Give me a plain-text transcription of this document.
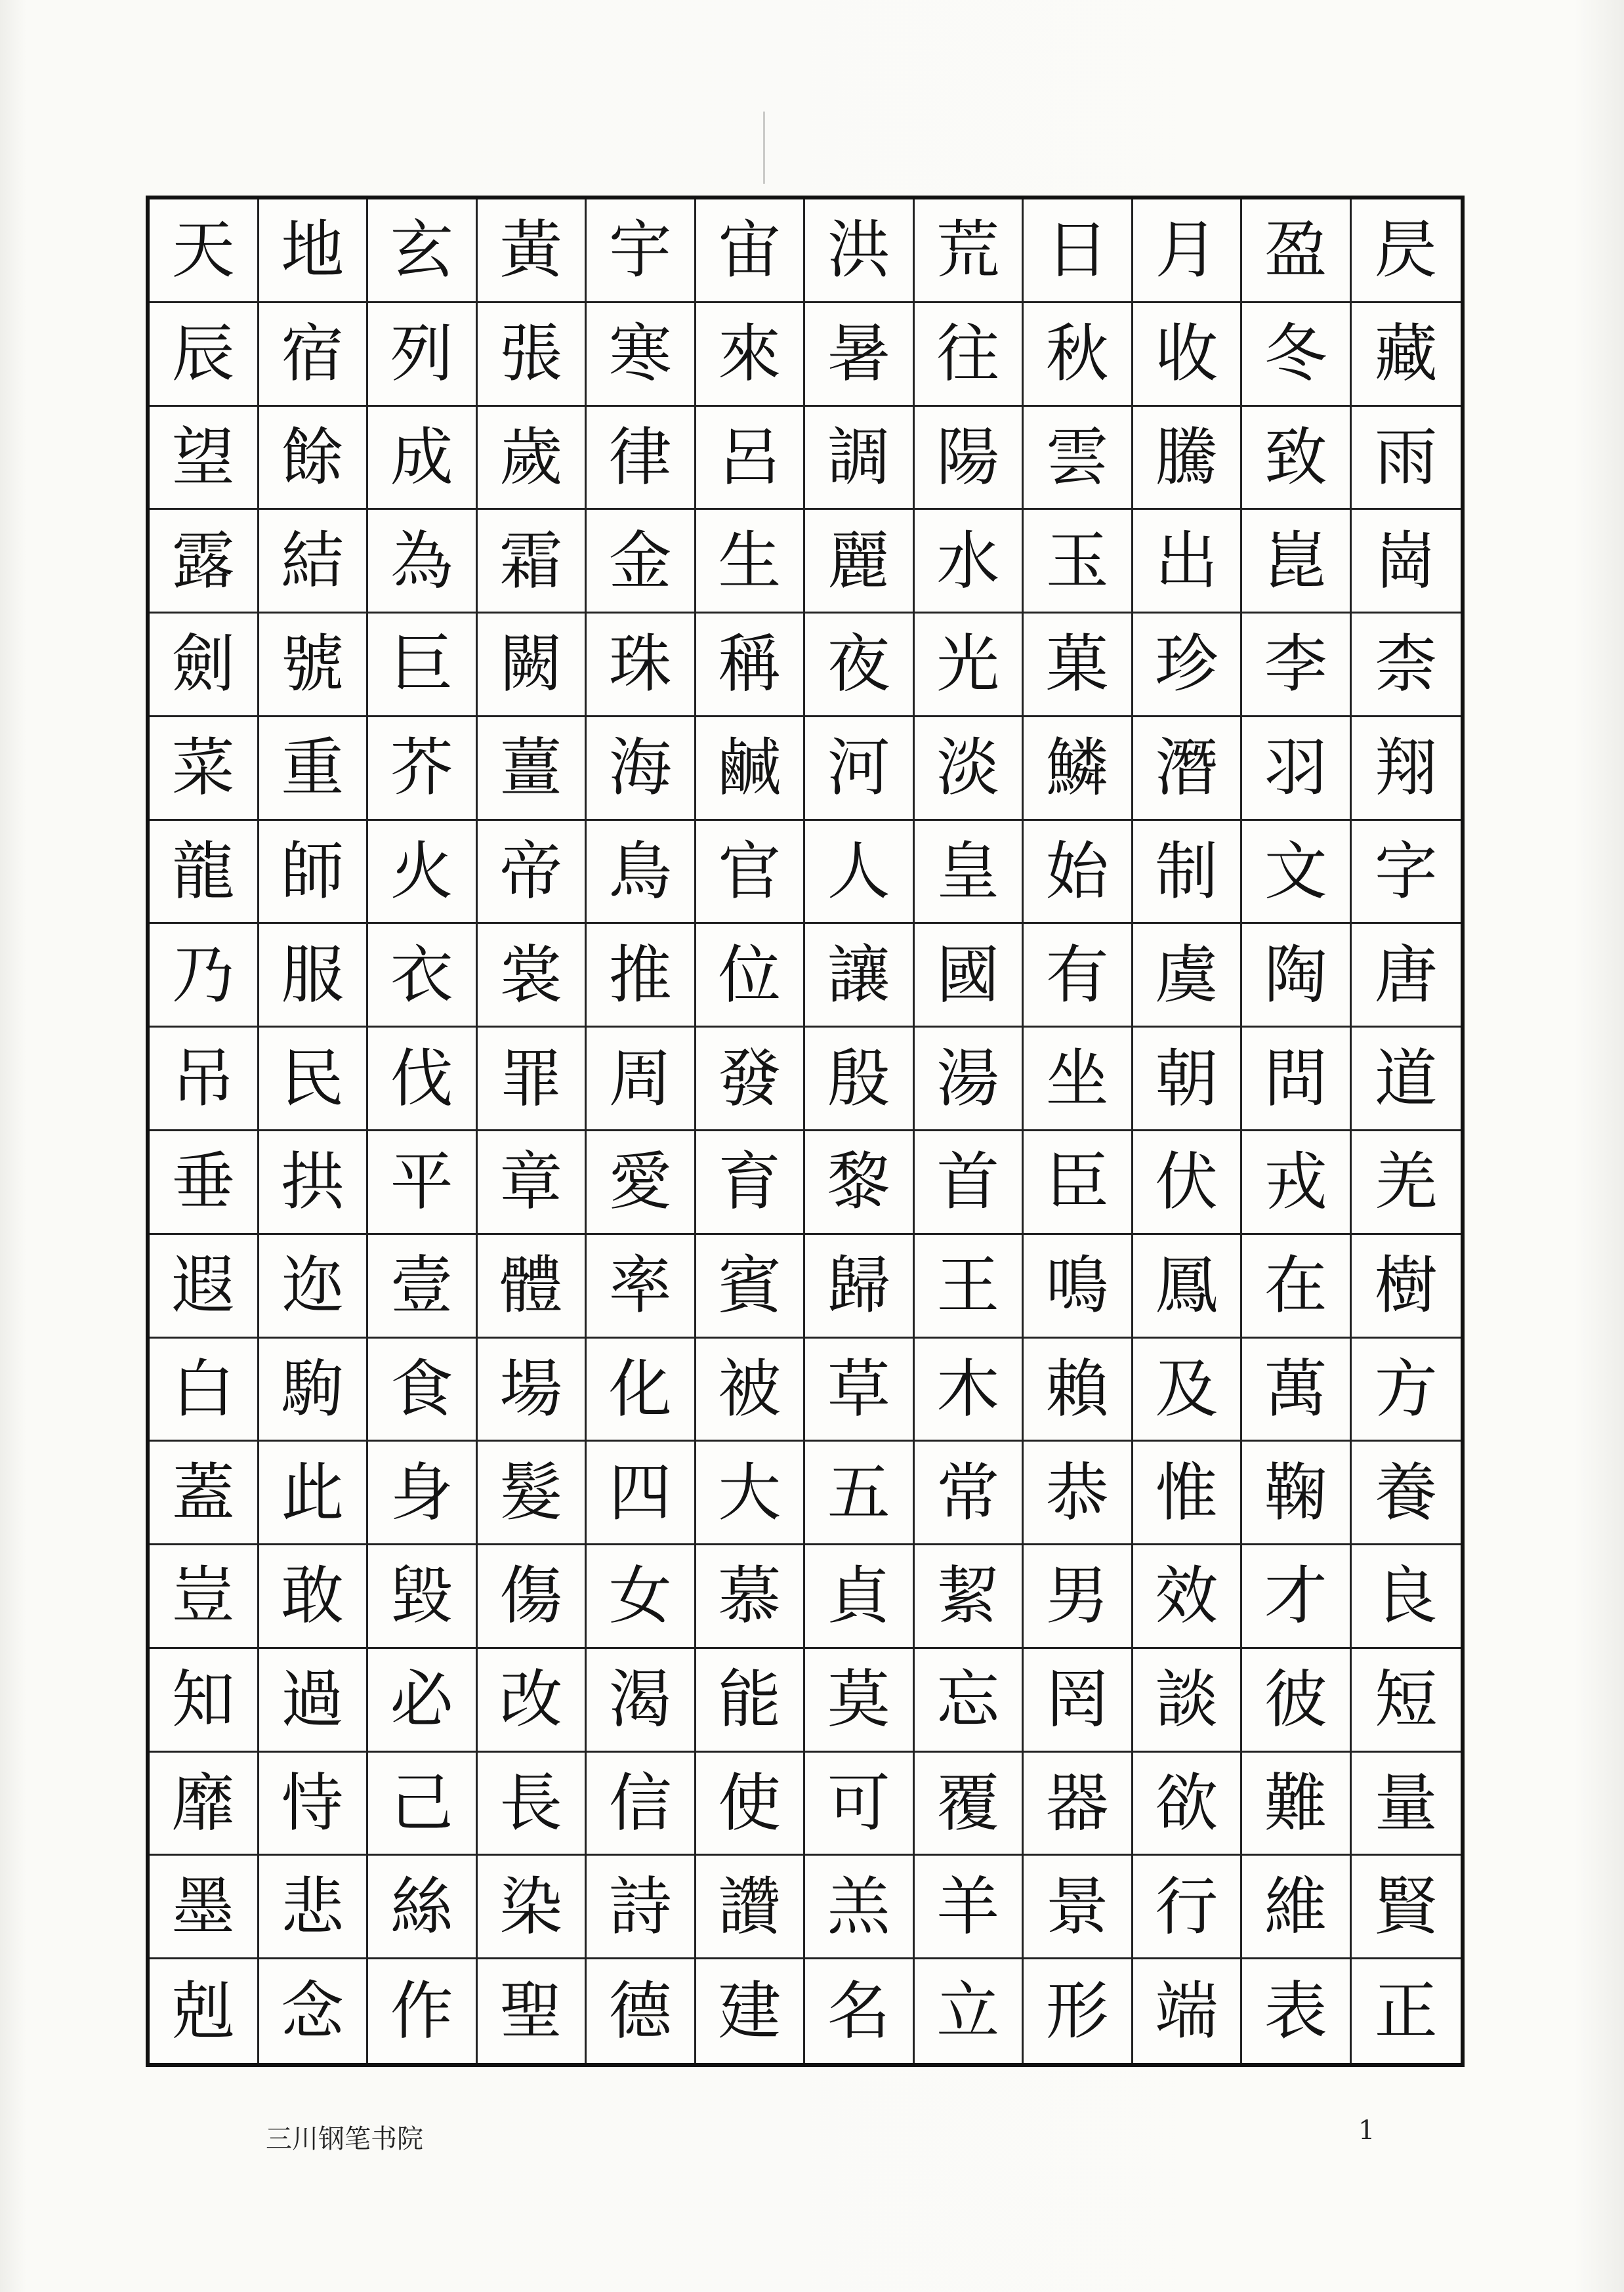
天 地 玄 黃 宇 宙 洪 荒 日 月 盈 昃
辰 宿 列 張 寒 來 暑 往 秋 收 冬 藏
望 餘 成 歲 律 呂 調 陽 雲 騰 致 雨
露 結 為 霜 金 生 麗 水 玉 出 崑 崗
劍 號 巨 闕 珠 稱 夜 光 菓 珍 李 柰
菜 重 芥 薑 海 鹹 河 淡 鱗 潛 羽 翔
龍 師 火 帝 鳥 官 人 皇 始 制 文 字
乃 服 衣 裳 推 位 讓 國 有 虞 陶 唐
吊 民 伐 罪 周 發 殷 湯 坐 朝 問 道
垂 拱 平 章 愛 育 黎 首 臣 伏 戎 羌
遐 迩 壹 體 率 賓 歸 王 鳴 鳳 在 樹
白 駒 食 場 化 被 草 木 賴 及 萬 方
蓋 此 身 髮 四 大 五 常 恭 惟 鞠 養
豈 敢 毀 傷 女 慕 貞 絜 男 效 才 良
知 過 必 改 渴 能 莫 忘 罔 談 彼 短
靡 恃 己 長 信 使 可 覆 器 欲 難 量
墨 悲 絲 染 詩 讚 羔 羊 景 行 維 賢
剋 念 作 聖 德 建 名 立 形 端 表 正
三川钢笔书院	1
